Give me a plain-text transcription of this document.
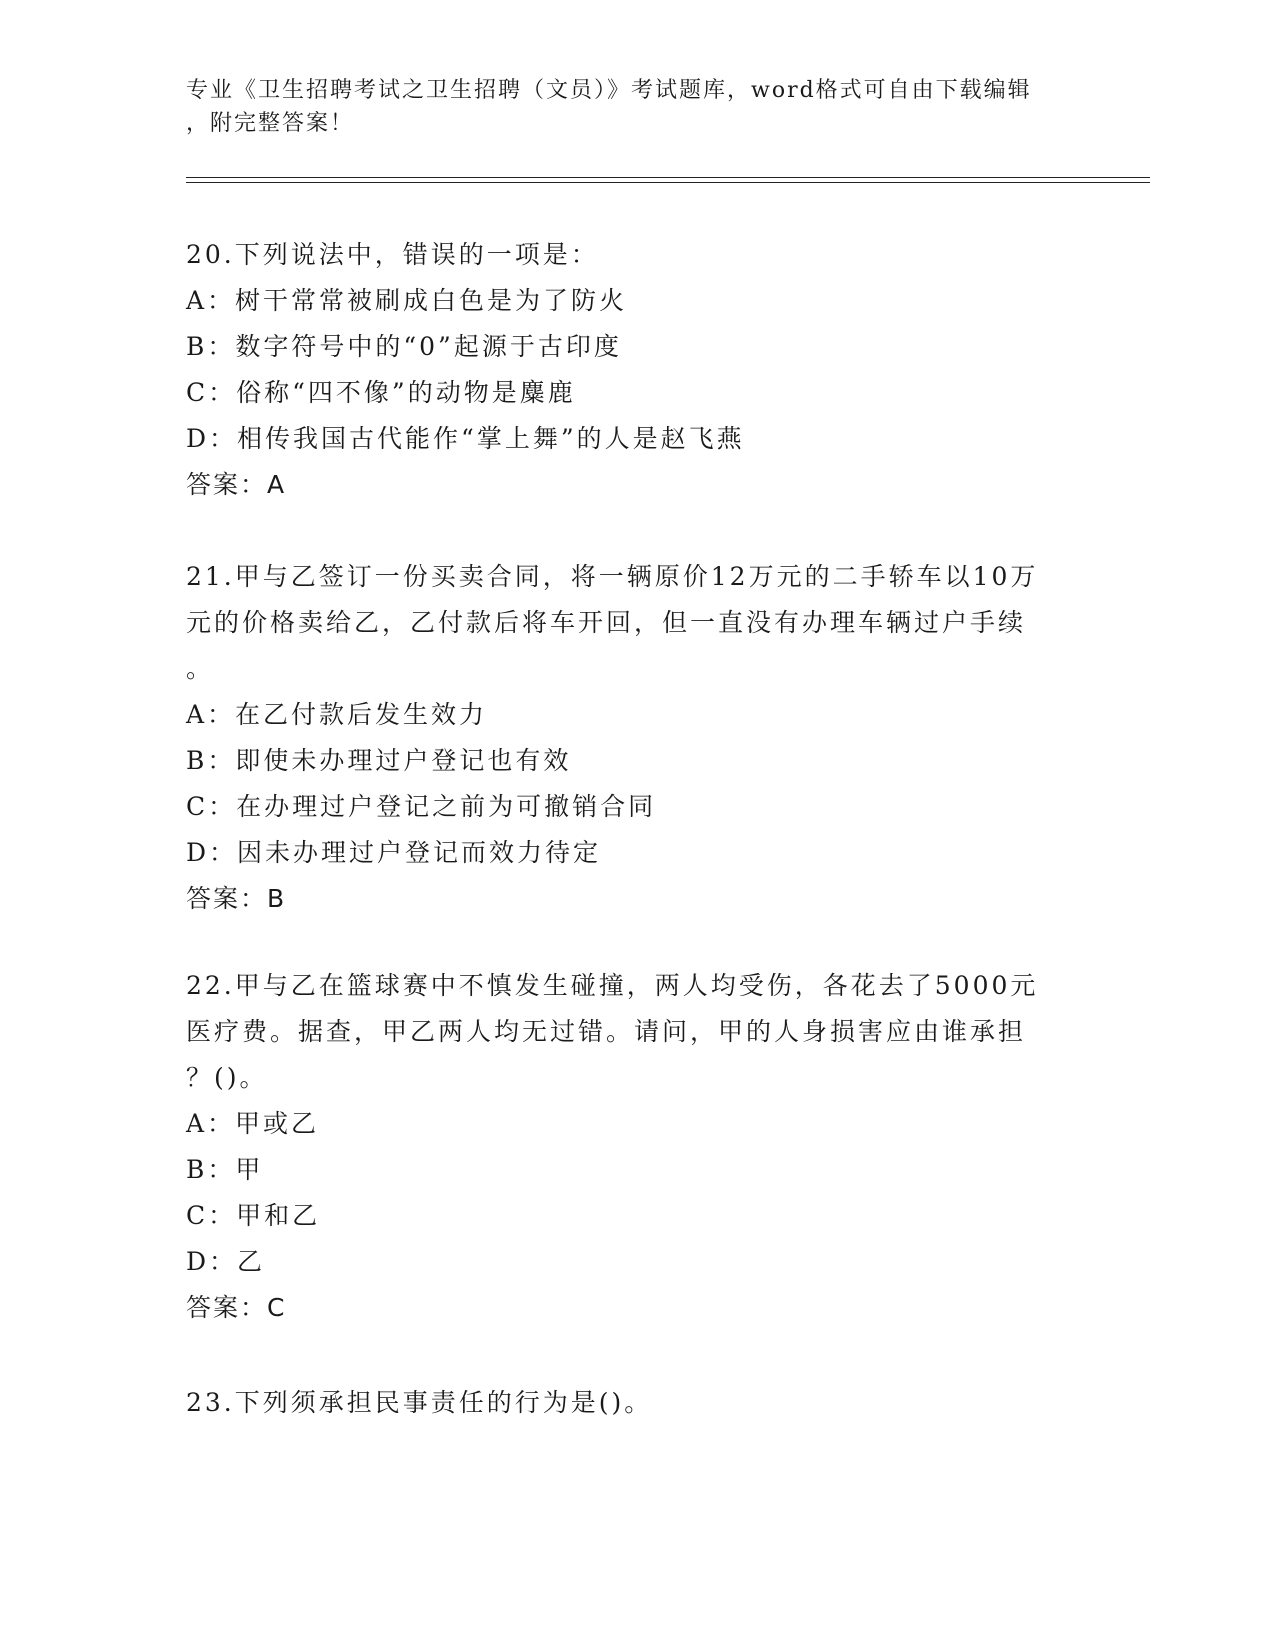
专业《卫生招聘考试之卫生招聘（文员）》考试题库，word格式可自由下载编辑
，附完整答案！
20.下列说法中，错误的一项是：
A：树干常常被刷成白色是为了防火
B：数字符号中的“0”起源于古印度
C：俗称“四不像”的动物是麋鹿
D：相传我国古代能作“掌上舞”的人是赵飞燕
答案：A
21.甲与乙签订一份买卖合同，将一辆原价12万元的二手轿车以10万
元的价格卖给乙，乙付款后将车开回，但一直没有办理车辆过户手续
。
A：在乙付款后发生效力
B：即使未办理过户登记也有效
C：在办理过户登记之前为可撤销合同
D：因未办理过户登记而效力待定
答案：B
22.甲与乙在篮球赛中不慎发生碰撞，两人均受伤，各花去了5000元
医疗费。据查，甲乙两人均无过错。请问，甲的人身损害应由谁承担
？()。
A：甲或乙
B：甲
C：甲和乙
D：乙
答案：C
23.下列须承担民事责任的行为是()。
